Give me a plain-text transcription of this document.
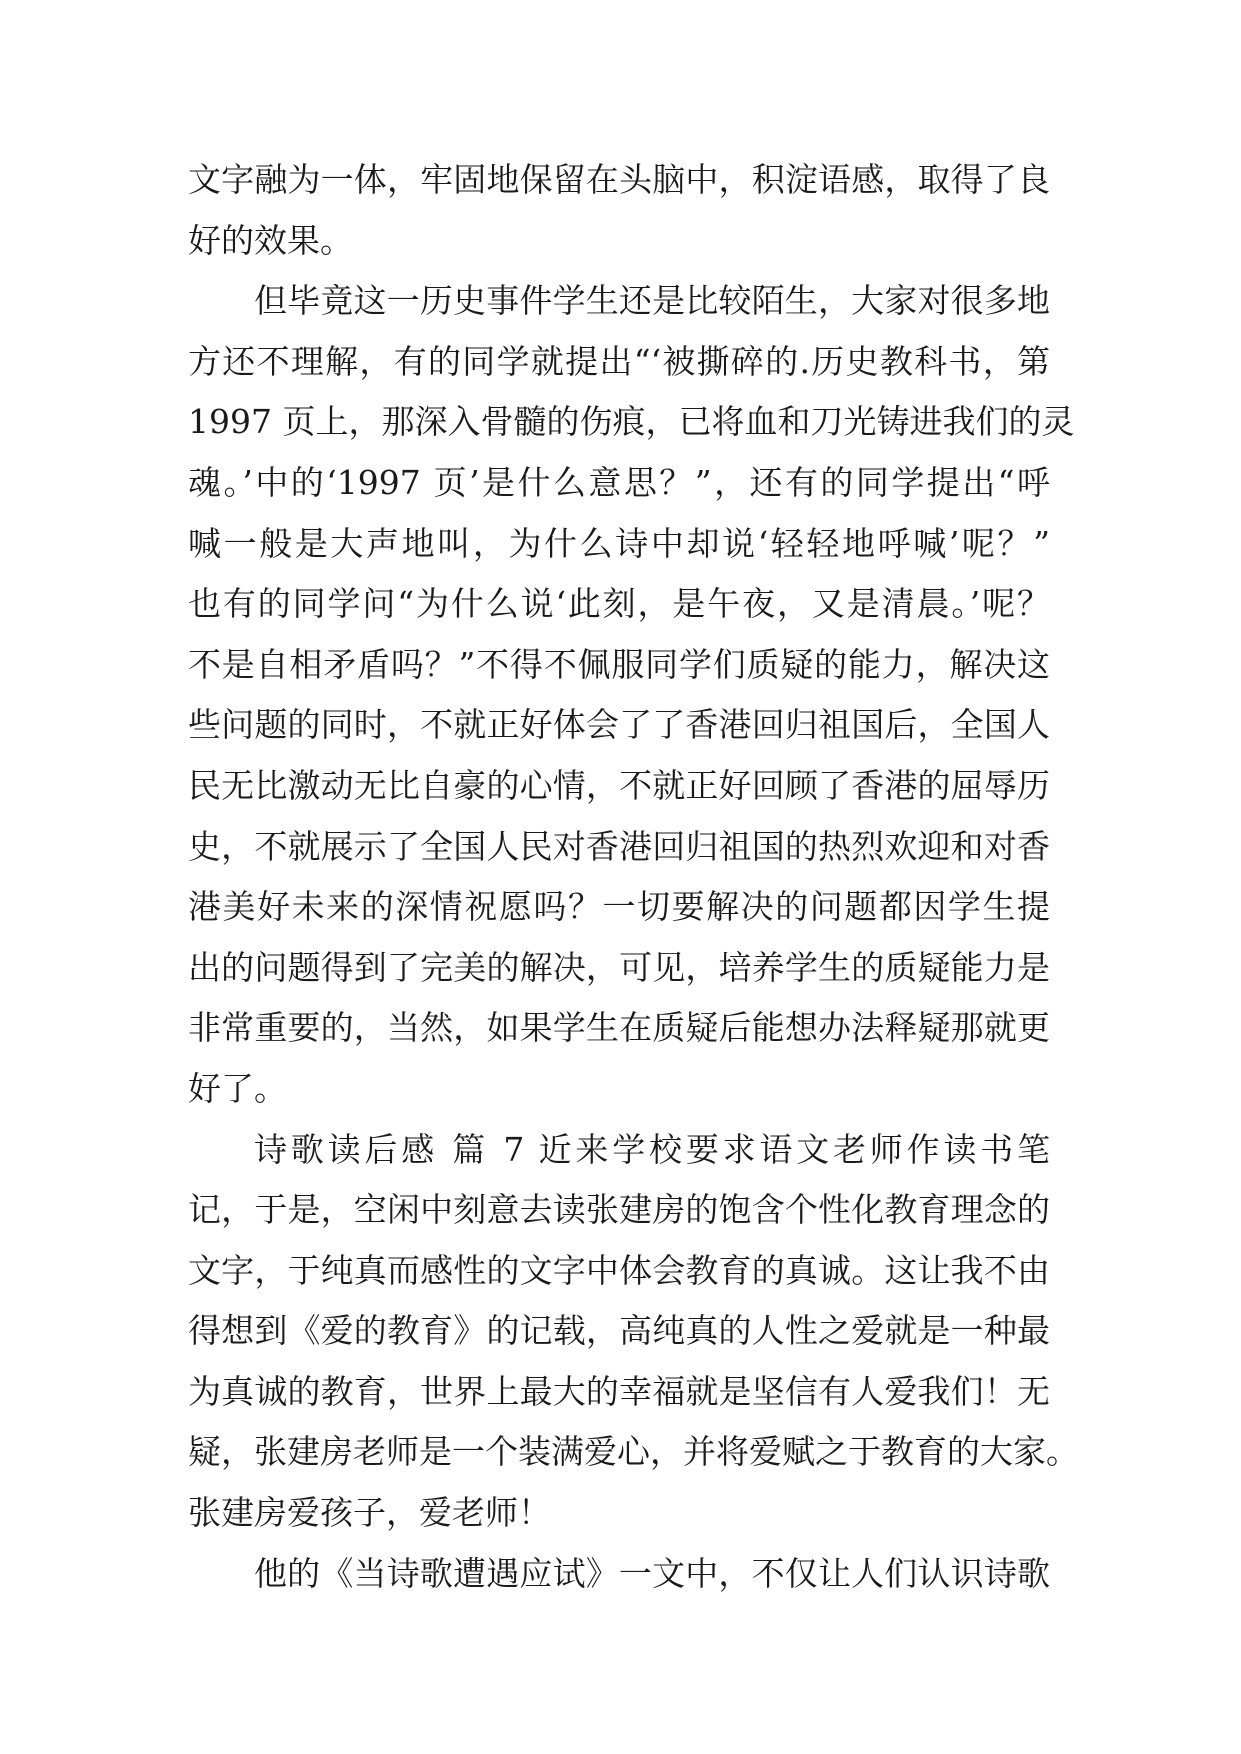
文字融为一体，牢固地保留在头脑中，积淀语感，取得了良
好的效果。
但毕竟这一历史事件学生还是比较陌生，大家对很多地
方还不理解，有的同学就提出“‘被撕碎的.历史教科书，第
1997 页上，那深入骨髓的伤痕，已将血和刀光铸进我们的灵
魂。’中的‘1997 页’是什么意思？”，还有的同学提出“呼
喊一般是大声地叫，为什么诗中却说‘轻轻地呼喊’呢？”
也有的同学问“为什么说‘此刻，是午夜，又是清晨。’呢？
不是自相矛盾吗？”不得不佩服同学们质疑的能力，解决这
些问题的同时，不就正好体会了了香港回归祖国后，全国人
民无比激动无比自豪的心情，不就正好回顾了香港的屈辱历
史，不就展示了全国人民对香港回归祖国的热烈欢迎和对香
港美好未来的深情祝愿吗？一切要解决的问题都因学生提
出的问题得到了完美的解决，可见，培养学生的质疑能力是
非常重要的，当然，如果学生在质疑后能想办法释疑那就更
好了。
诗歌读后感 篇 7 近来学校要求语文老师作读书笔
记，于是，空闲中刻意去读张建房的饱含个性化教育理念的
文字，于纯真而感性的文字中体会教育的真诚。这让我不由
得想到《爱的教育》的记载，高纯真的人性之爱就是一种最
为真诚的教育，世界上最大的幸福就是坚信有人爱我们！无
疑，张建房老师是一个装满爱心，并将爱赋之于教育的大家。
张建房爱孩子，爱老师！
他的《当诗歌遭遇应试》一文中，不仅让人们认识诗歌
